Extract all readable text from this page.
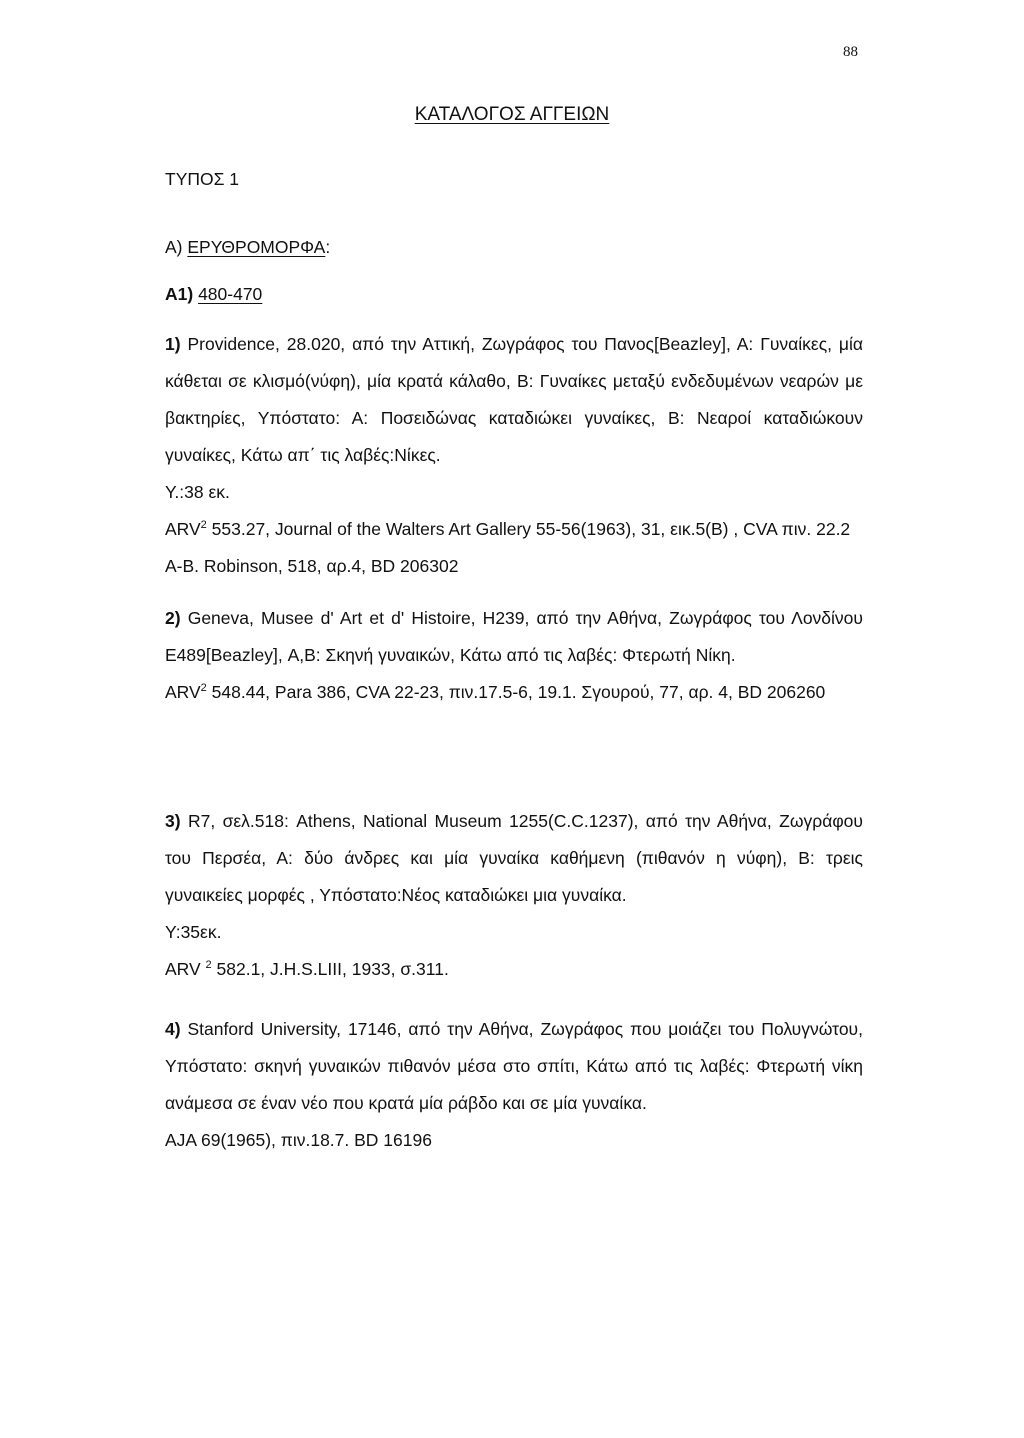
88
ΚΑΤΑΛΟΓΟΣ ΑΓΓΕΙΩΝ
ΤΥΠΟΣ 1
Α) ΕΡΥΘΡΟΜΟΡΦΑ:
Α1) 480-470

1) Providence, 28.020, από την Αττική, Ζωγράφος του Πανος[Beazley], Α: Γυναίκες, μία κάθεται σε κλισμό(νύφη), μία κρατά κάλαθο, Β: Γυναίκες μεταξύ ενδεδυμένων νεαρών με βακτηρίες, Υπόστατο: Α: Ποσειδώνας καταδιώκει γυναίκες, Β: Νεαροί καταδιώκουν γυναίκες, Κάτω απ΄ τις λαβές:Νίκες.

Υ.:38 εκ.

ARV$^2$ 553.27, Journal of the Walters Art Gallery 55-56(1963), 31, εικ.5(B) , CVA πιν. 22.2 A-B. Robinson, 518, αρ.4, BD 206302

2) Geneva, Musee d' Art et d' Histoire, H239, από την Αθήνα, Ζωγράφος του Λονδίνου E489[Beazley], Α,Β: Σκηνή γυναικών, Κάτω από τις λαβές: Φτερωτή Νίκη.

ARV$^2$ 548.44, Para 386, CVA 22-23, πιν.17.5-6, 19.1. Σγουρού, 77, αρ. 4, BD 206260

3) R7, σελ.518: Athens, National Museum 1255(C.C.1237), από την Αθήνα, Ζωγράφου του Περσέα, Α: δύο άνδρες και μία γυναίκα καθήμενη (πιθανόν η νύφη), Β: τρεις γυναικείες μορφές , Υπόστατο:Νέος καταδιώκει μια γυναίκα.

Υ:35εκ.

ARV $^2$ 582.1, J.H.S.LIII, 1933, σ.311.

4) Stanford University, 17146, από την Αθήνα, Ζωγράφος που μοιάζει του Πολυγνώτου, Υπόστατο: σκηνή γυναικών πιθανόν μέσα στο σπίτι, Κάτω από τις λαβές: Φτερωτή νίκη ανάμεσα σε έναν νέο που κρατά μία ράβδο και σε μία γυναίκα.

AJA 69(1965), πιν.18.7. BD 16196
